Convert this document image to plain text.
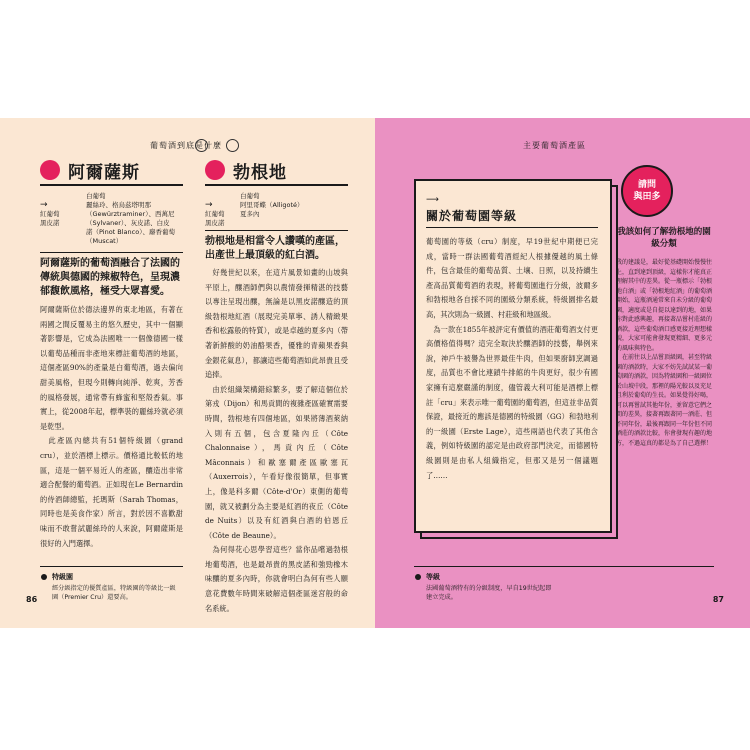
葡萄酒到底是什麼
阿爾薩斯

→
紅葡萄
黑皮諾

白葡萄
麗絲玲、格烏茲塔明那
（Gewürztraminer）、西萬尼
（Sylvaner）、灰皮諾、白皮
諾（Pinot Blanco）、麝香葡萄
（Muscat）
阿爾薩斯的葡萄酒融合了法國的傳統與德國的辣椒特色，呈現濃郁馥飲風格，極受大眾喜愛。
阿爾薩斯位於德法邊界的東北地區，有著在兩國之間反覆易主的悠久歷史，其中一個顯著影響是，它成為法國唯一一個像德國一樣以葡萄品種而非產地來標註葡萄酒的地區，這個產區90%的產量是白葡萄酒，過去偏向甜美風格，但現今則轉向純淨、乾爽，芳香的風格發展，通常帶有蜂蜜和堅殼香氣。事實上，從2008年起，標準裝的麗絲玲就必須是乾型。
　此產區內總共有51個特級園（grand cru），並於酒標上標示。價格通比較低的地區，這是一個平易近人的產區，釀造出非常適合配餐的葡萄酒。正如現在Le Bernardin的侍酒師總監，托瑪斯（Sarah Thomas，同時也是美食作家）所言，對於因不喜歡甜味而不敢嘗試麗絲玲的人來說，阿爾薩斯是很好的入門選擇。
特級園
經分級指定的優質產區，特級園的等級比一級園（Premier Cru）還要高。
86
勃根地

→
紅葡萄
黑皮諾

白葡萄
阿里哥蝶（Alligoté）
夏多內
勃根地是相當令人讚嘆的產區，出產世上最頂級的紅白酒。
　好幾世紀以來，在這片風景如畫的山坡與平原上，釀酒師們與以農情發揮精湛的技藝以專注呈現出釀，無論是以黑皮諾釀造的頂級勃根地紅酒（展現完美單寧、誘人精緻果香和松露般的特質），或是卓越的夏多內（帶著新鮮酸的奶油酪果香，優雅的青蘋果香與金銀花氣息），都讓這些葡萄酒如此昂貴且受追捧。
　由於組織架構錯綜繁多，要了解這個位於第戎（Dijon）和馬貢間的複雜產區確實需要時間，勃根地有四個地區，如果將薄酒萊納入則有五個，包含夏隆內丘（Côte Chalonnaise），馬貢內丘（Côte Mâconnais）和歐塞爾產區歐塞瓦（Auxerrois），午看好像很簡單，但事實上，像是科多爾（Côte-d'Or）東側的葡萄園，就又被劃分為主要是紅酒的夜丘（Côte de Nuits）以及有紅酒與白酒的伯恩丘（Côte de Beaune）。
　為何得花心思學習這些？當你品嚐過勃根地葡萄酒，也是最昂貴的黑皮諾和強勁橡木味釀的夏多內時，你就會明白為何有些人願意花費數年時間來破解這個產區迷宮般的命名系統。
主要葡萄酒產區
⟶
關於葡萄園等級
葡萄園的等級（cru）制度，早19世紀中期便已完成，當時一群法國葡萄酒經紀人根據優越的風土條件，包含最佳的葡萄品質、土壤、日照，以及持續生產高品質葡萄酒的表現，將葡萄園進行分級，波爾多和勃根地各自採不同的園級分類系統，特級園排名最高，其次則為一級園、村莊級和地區級。
　為一款在1855年被評定有價值的酒莊葡萄酒支付更高價格值得嗎？這完全取決於釀酒師的技藝，舉例來說，神戶牛被譽為世界最佳牛肉，但如果廚師烹調過度，品質也不會比連鎖牛排館的牛肉更好，很少有國家擁有這麼嚴謹的制度，儘管義大利可能是酒標上標註「cru」來表示唯一葡萄園的葡萄酒，但這並非品質保證，最接近的應該是德國的特級園（GG）和勃地利的一級園（Erste Lage），這些兩語也代表了其他含義，例如特級園的認定是由政府部門決定，而德國特級園則是由私人組織指定，但那又是另一個議題了……
請問
與田多
我該如何了解勃根地的園級分類
我的建議是，最好從基礎開始慢慢往上，直到達到頂級，這樣你才能真正理解其中的差異。從一瓶標示「勃根地白酒」或「勃根地紅酒」的葡萄酒開始，這瓶酒通常來自未分級的葡萄園，適度或是自提以達到的地，如果你對此感興趣，再接著品嘗村莊級的酒款，這些葡萄酒口感更接近理想樣貌，大家可能會發現更精細、更多元的風味與特色。
　在前往以上品嘗頂級園，甚至特級園的酒款時，大家不妨先試試某一葡萄園的酒款，因為特級園和一級園位於山坡中段，那裡的陽光較以及充足且利於葡萄的生長。如果覺得好喝，可以再嘗試其他年份，並留意它們之間的差異，接著再跟著同一酒莊、但不同年份，最後再跟同一年份但不同酒莊的酒款比較，你會發現有趣的地方，不過這真的都是為了自己選擇！
等級
法國葡萄酒特有的分級制度，早自19世紀起即建立完成。	87
